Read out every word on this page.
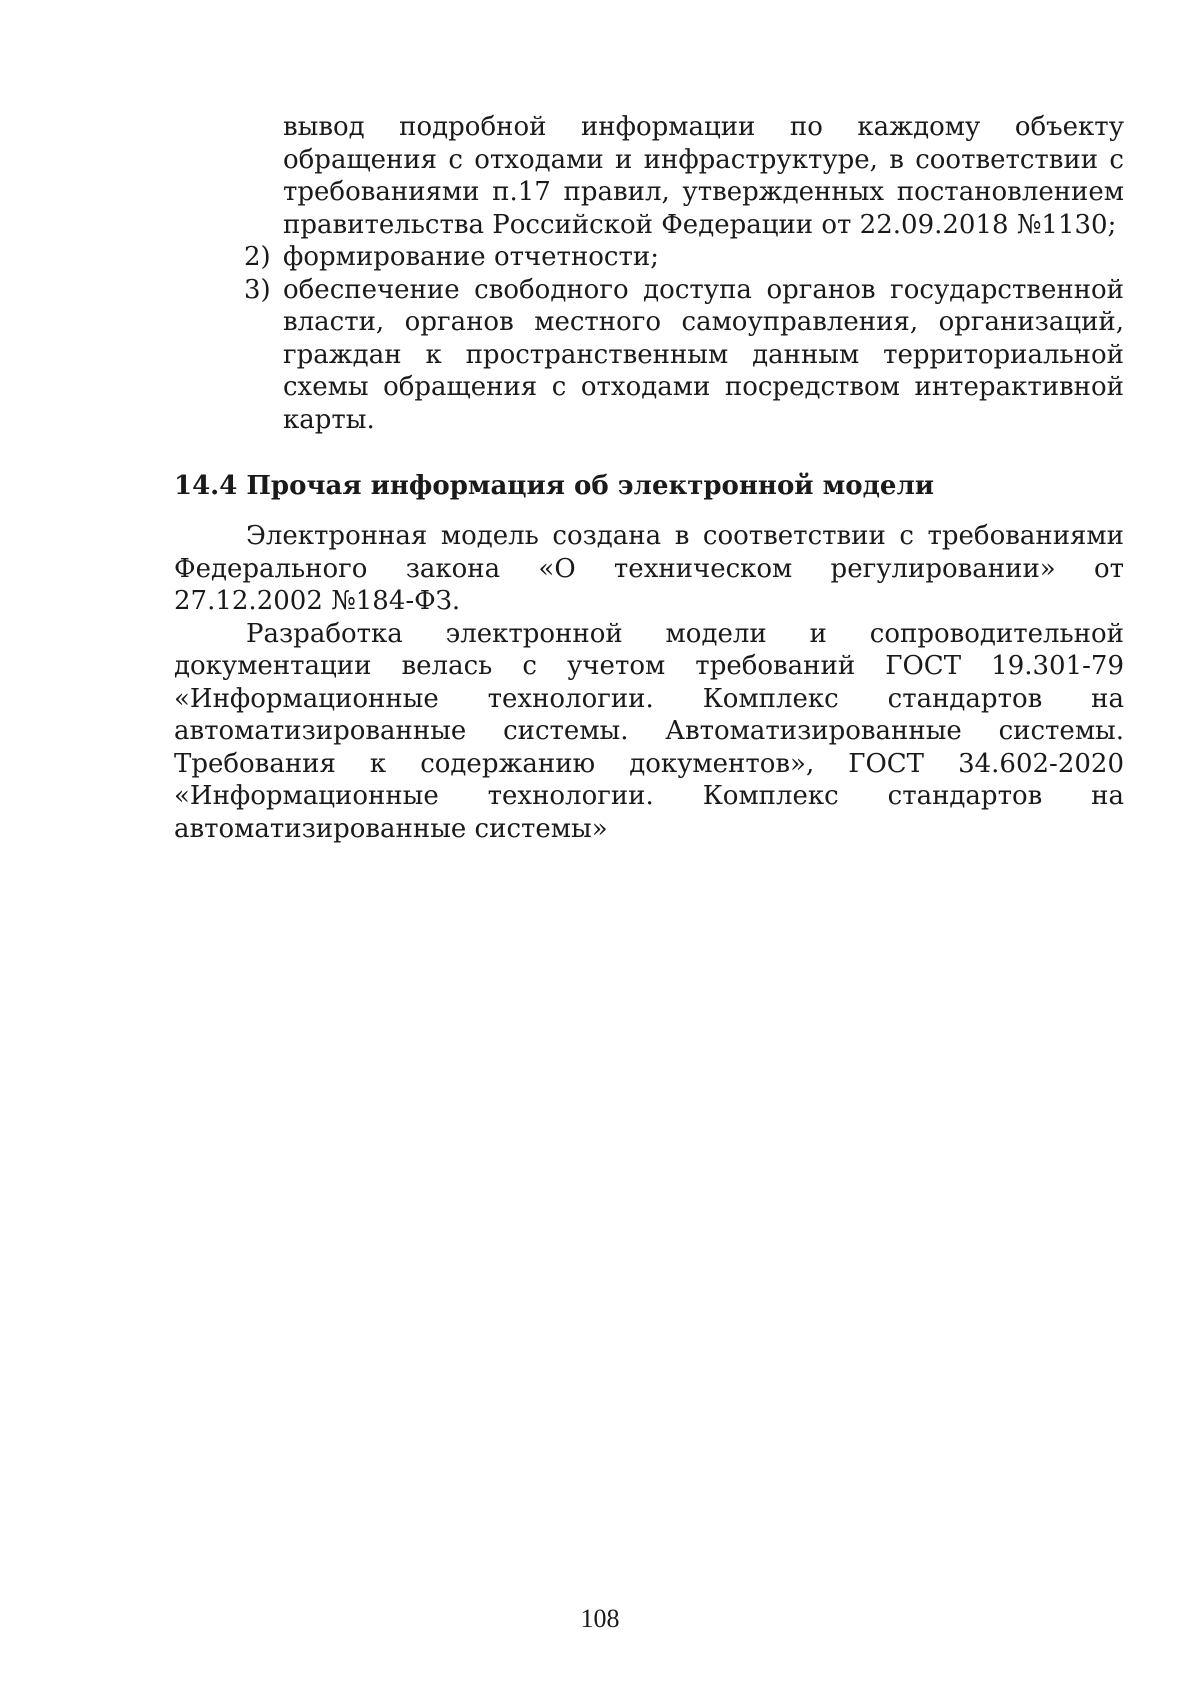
вывод подробной информации по каждому объекту обращения с отходами и инфраструктуре, в соответствии с требованиями п.17 правил, утвержденных постановлением правительства Российской Федерации от 22.09.2018 №1130;

2) формирование отчетности;
3) обеспечение свободного доступа органов государственной власти, органов местного самоуправления, организаций, граждан к пространственным данным территориальной схемы обращения с отходами посредством интерактивной карты.
14.4 Прочая информация об электронной модели

Электронная модель создана в соответствии с требованиями Федерального закона «О техническом регулировании» от 27.12.2002 №184-ФЗ.

Разработка электронной модели и сопроводительной документации велась с учетом требований ГОСТ 19.301-79 «Информационные технологии. Комплекс стандартов на автоматизированные системы. Автоматизированные системы. Требования к содержанию документов», ГОСТ 34.602-2020 «Информационные технологии. Комплекс стандартов на автоматизированные системы»

108
